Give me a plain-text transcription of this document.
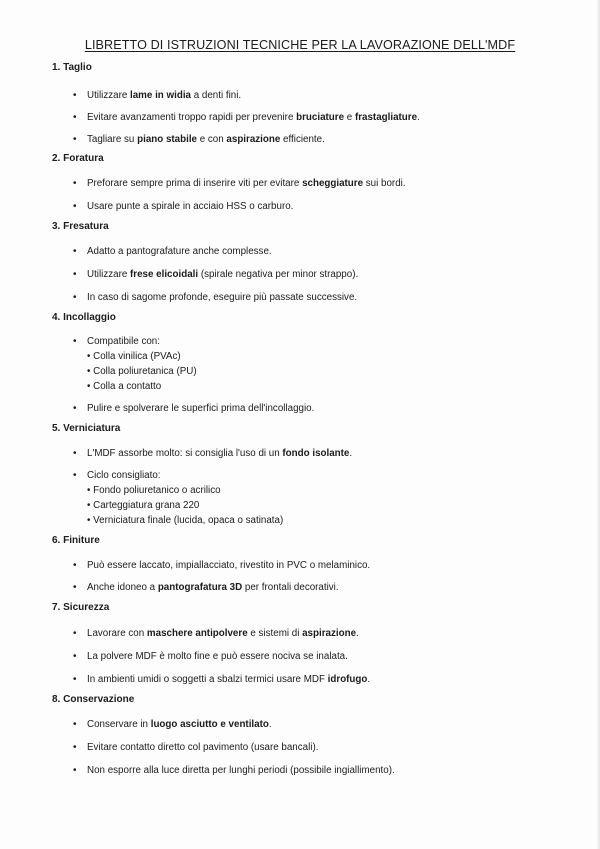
LIBRETTO DI ISTRUZIONI TECNICHE PER LA LAVORAZIONE DELL'MDF
1. Taglio
•	Utilizzare lame in widia a denti fini.
•	Evitare avanzamenti troppo rapidi per prevenire bruciature e frastagliature.
•	Tagliare su piano stabile e con aspirazione efficiente.
2. Foratura
•	Preforare sempre prima di inserire viti per evitare scheggiature sui bordi.
•	Usare punte a spirale in acciaio HSS o carburo.
3. Fresatura
•	Adatto a pantografature anche complesse.
•	Utilizzare frese elicoidali (spirale negativa per minor strappo).
•	In caso di sagome profonde, eseguire più passate successive.
4. Incollaggio
•	Compatibile con:
• Colla vinilica (PVAc)
• Colla poliuretanica (PU)
• Colla a contatto
•	Pulire e spolverare le superfici prima dell'incollaggio.
5. Verniciatura
•	L'MDF assorbe molto: si consiglia l'uso di un fondo isolante.
•	Ciclo consigliato:
• Fondo poliuretanico o acrilico
• Carteggiatura grana 220
• Verniciatura finale (lucida, opaca o satinata)
6. Finiture
•	Può essere laccato, impiallacciato, rivestito in PVC o melaminico.
•	Anche idoneo a pantografatura 3D per frontali decorativi.
7. Sicurezza
•	Lavorare con maschere antipolvere e sistemi di aspirazione.
•	La polvere MDF è molto fine e può essere nociva se inalata.
•	In ambienti umidi o soggetti a sbalzi termici usare MDF idrofugo.
8. Conservazione
•	Conservare in luogo asciutto e ventilato.
•	Evitare contatto diretto col pavimento (usare bancali).
•	Non esporre alla luce diretta per lunghi periodi (possibile ingiallimento).
